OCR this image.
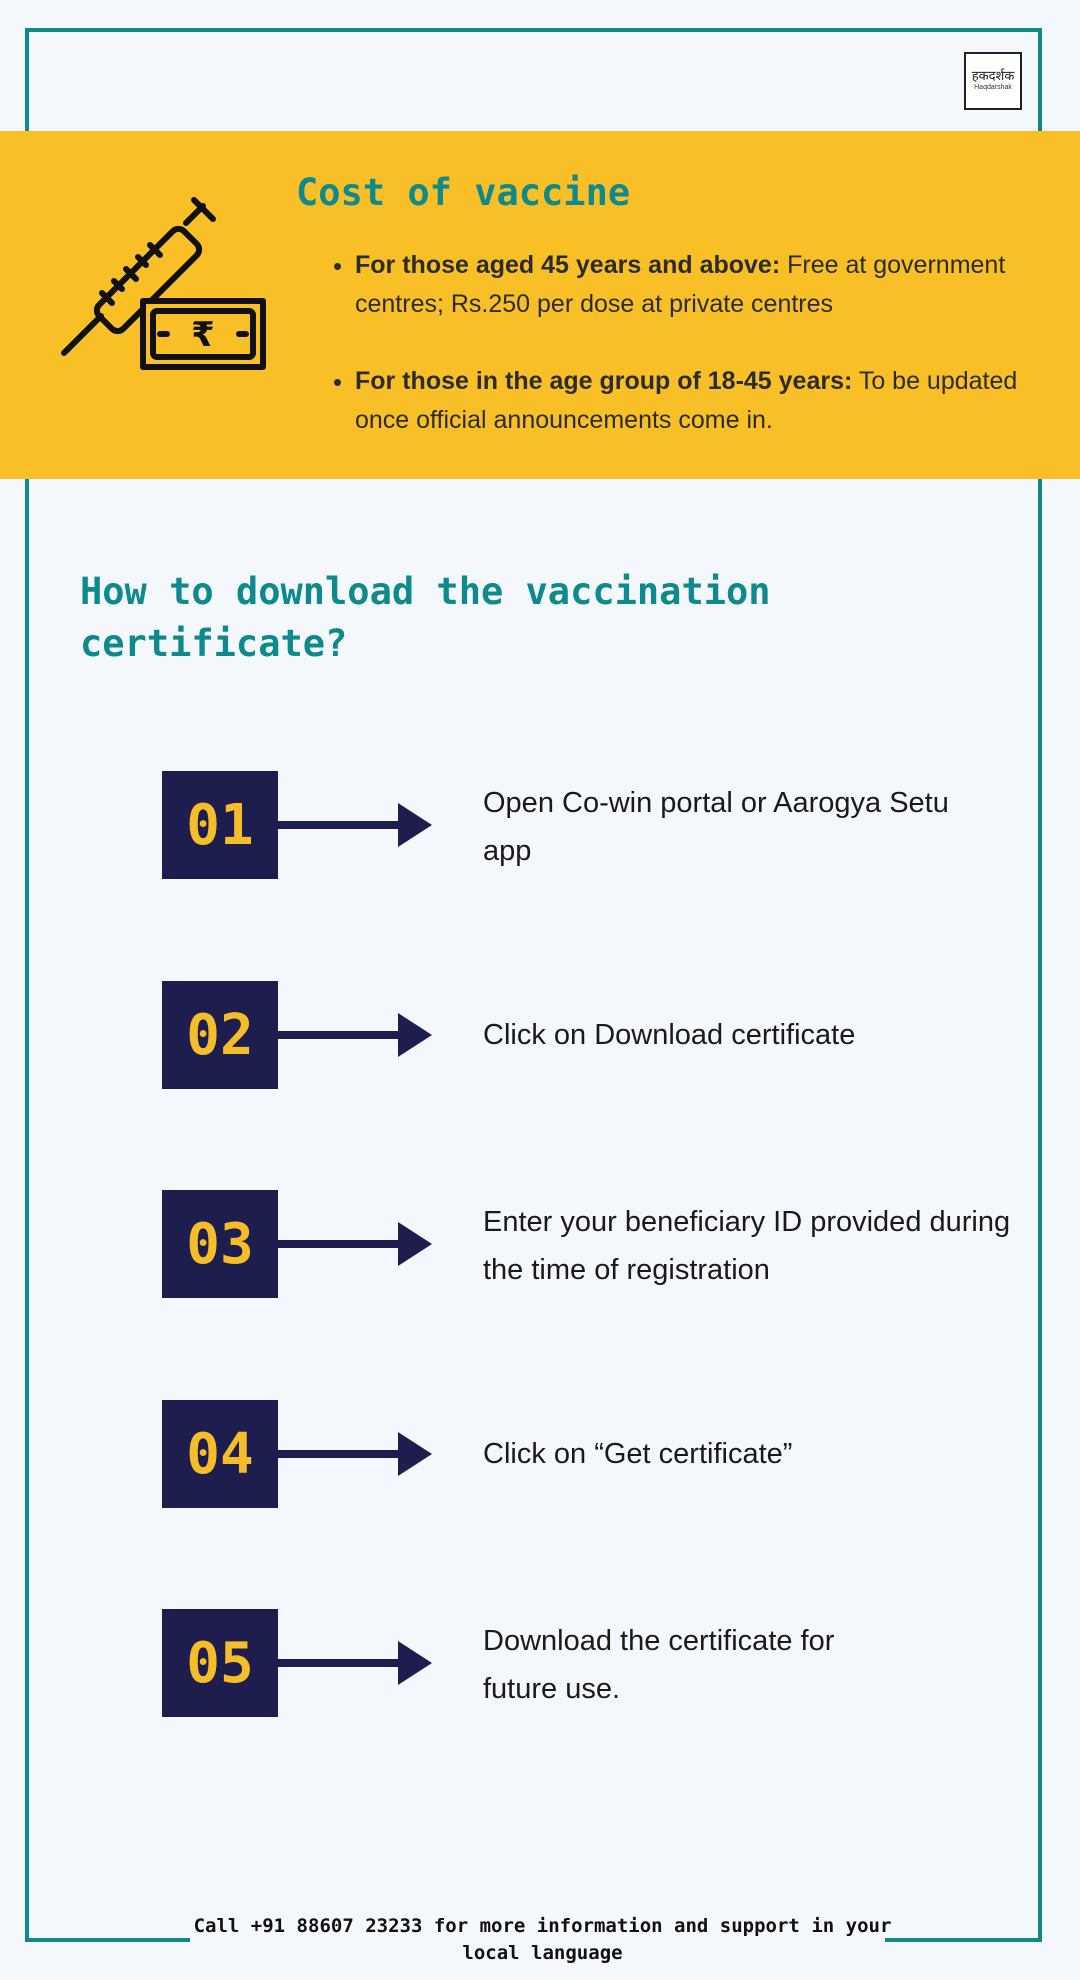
हकदर्शक
Haqdarshak
₹
Cost of vaccine
• For those aged 45 years and above: Free at government centres; Rs.250 per dose at private centres
• For those in the age group of 18-45 years: To be updated once official announcements come in.
How to download the vaccination certificate?
01	Open Co-win portal or Aarogya Setu app
02	Click on Download certificate
03	Enter your beneficiary ID provided during the time of registration
04	Click on “Get certificate”
05	Download the certificate for future use.

Call +91 88607 23233 for more information and support in your local language
